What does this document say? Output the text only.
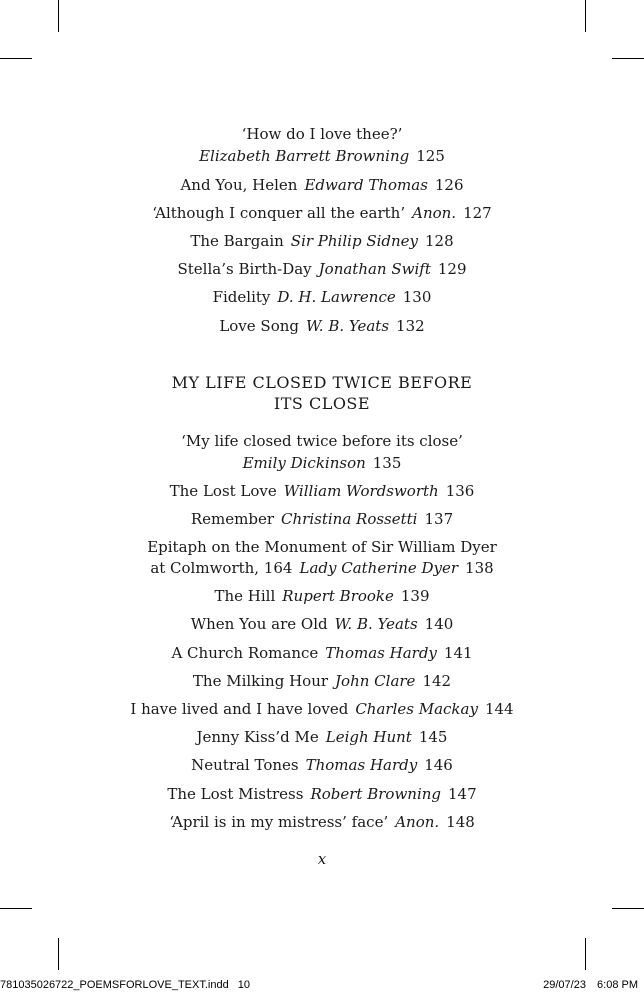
‘How do I love thee?’
Elizabeth Barrett Browning 125
And You, Helen Edward Thomas 126
‘Although I conquer all the earth’ Anon. 127
The Bargain Sir Philip Sidney 128
Stella’s Birth-Day Jonathan Swift 129
Fidelity D. H. Lawrence 130
Love Song W. B. Yeats 132
MY LIFE CLOSED TWICE BEFORE
ITS CLOSE
‘My life closed twice before its close’
Emily Dickinson 135
The Lost Love William Wordsworth 136
Remember Christina Rossetti 137
Epitaph on the Monument of Sir William Dyer
at Colmworth, 164 Lady Catherine Dyer 138
The Hill Rupert Brooke 139
When You are Old W. B. Yeats 140
A Church Romance Thomas Hardy 141
The Milking Hour John Clare 142
I have lived and I have loved Charles Mackay 144
Jenny Kiss’d Me Leigh Hunt 145
Neutral Tones Thomas Hardy 146
The Lost Mistress Robert Browning 147
‘April is in my mistress’ face’ Anon. 148
x
781035026722_POEMSFORLOVE_TEXT.indd 10	29/07/23 6:08 PM
